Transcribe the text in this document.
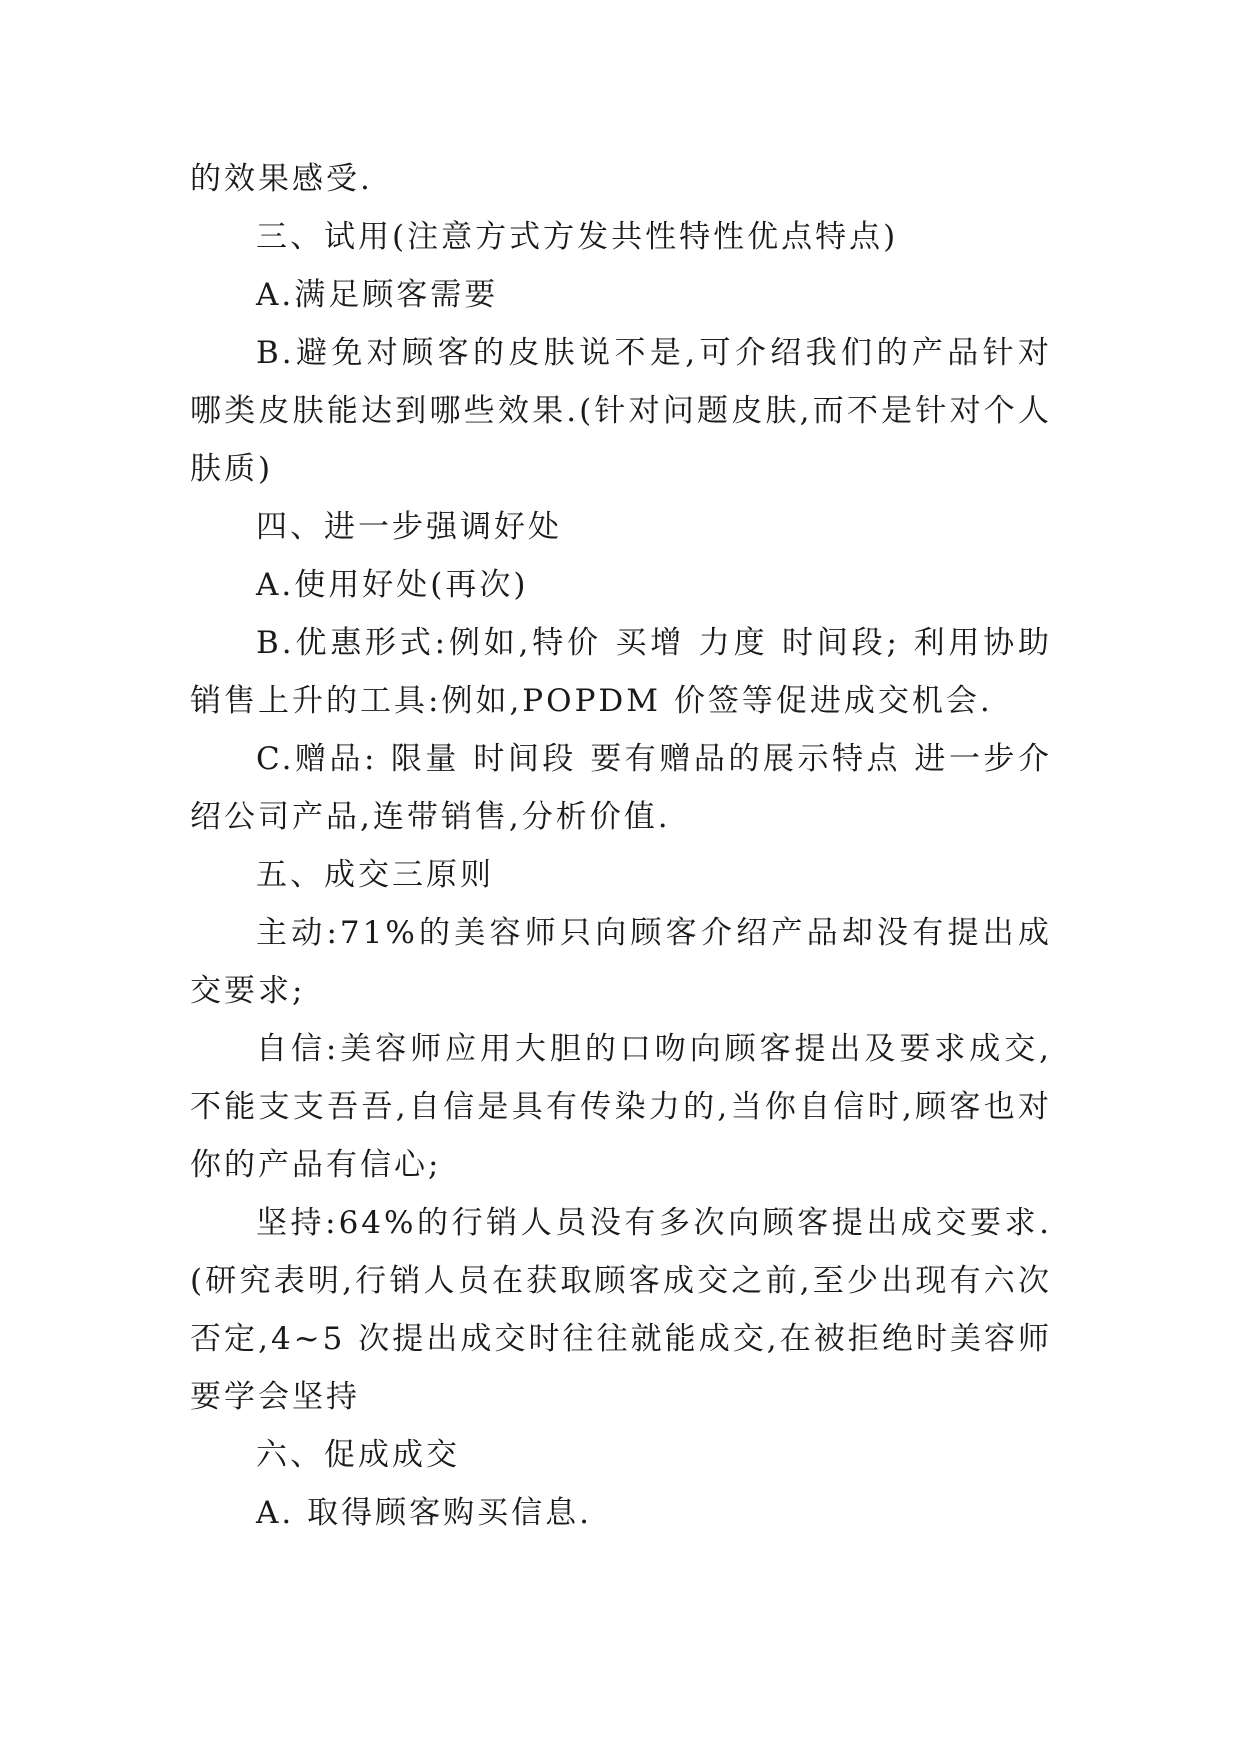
的效果感受.

三、试用(注意方式方发共性特性优点特点)

A.满足顾客需要

B.避免对顾客的皮肤说不是,可介绍我们的产品针对哪类皮肤能达到哪些效果.(针对问题皮肤,而不是针对个人肤质)

四、进一步强调好处

A.使用好处(再次)

B.优惠形式:例如,特价 买增 力度 时间段; 利用协助销售上升的工具:例如,POPDM 价签等促进成交机会.

C.赠品: 限量 时间段 要有赠品的展示特点 进一步介绍公司产品,连带销售,分析价值.

五、成交三原则

主动:71%的美容师只向顾客介绍产品却没有提出成交要求;

自信:美容师应用大胆的口吻向顾客提出及要求成交,不能支支吾吾,自信是具有传染力的,当你自信时,顾客也对你的产品有信心;

坚持:64%的行销人员没有多次向顾客提出成交要求.(研究表明,行销人员在获取顾客成交之前,至少出现有六次否定,4~5 次提出成交时往往就能成交,在被拒绝时美容师要学会坚持

六、促成成交

A. 取得顾客购买信息.
